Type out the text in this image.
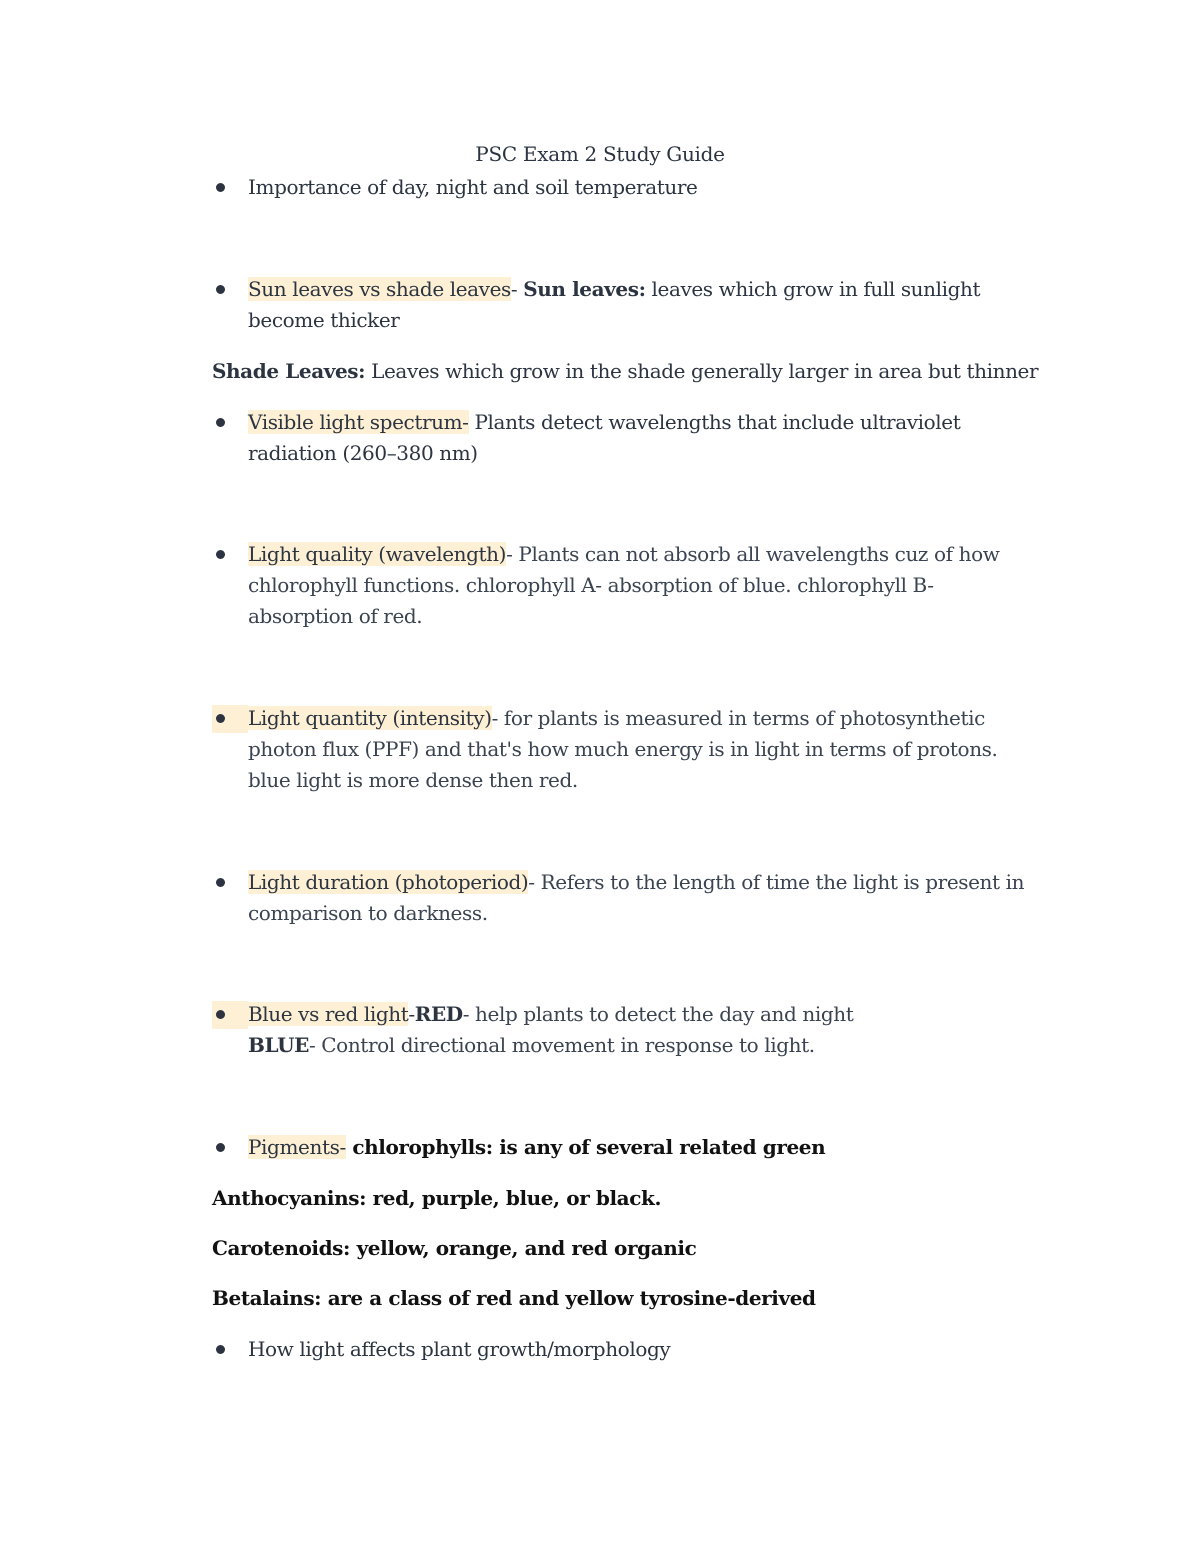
PSC Exam 2 Study Guide
Importance of day, night and soil temperature
Sun leaves vs shade leaves- Sun leaves: leaves which grow in full sunlight become thicker
Shade Leaves: Leaves which grow in the shade generally larger in area but thinner
Visible light spectrum- Plants detect wavelengths that include ultraviolet radiation (260–380 nm)
Light quality (wavelength)- Plants can not absorb all wavelengths cuz of how chlorophyll functions. chlorophyll A- absorption of blue. chlorophyll B- absorption of red.
Light quantity (intensity)- for plants is measured in terms of photosynthetic photon flux (PPF) and that's how much energy is in light in terms of protons. blue light is more dense then red.
Light duration (photoperiod)- Refers to the length of time the light is present in comparison to darkness.
Blue vs red light-RED- help plants to detect the day and night
BLUE- Control directional movement in response to light.
Pigments- chlorophylls: is any of several related green
Anthocyanins: red, purple, blue, or black.
Carotenoids: yellow, orange, and red organic
Betalains: are a class of red and yellow tyrosine-derived
How light affects plant growth/morphology
